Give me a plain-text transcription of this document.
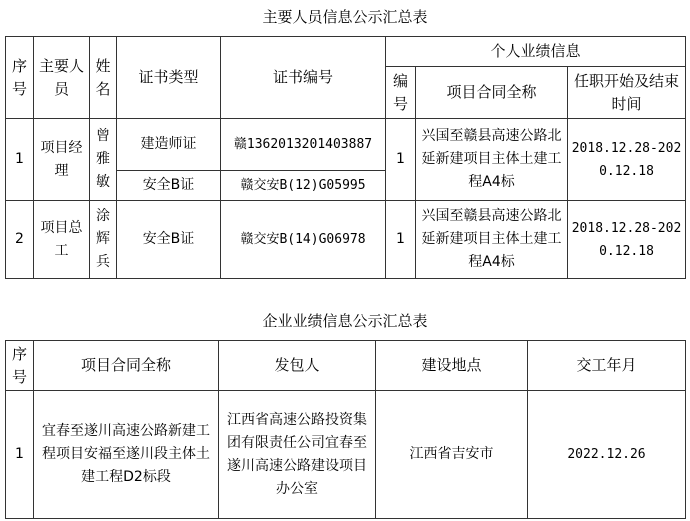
主要人员信息公示汇总表
序号	主要人员	姓名	证书类型	证书编号	个人业绩信息		
					编号	项目合同全称	任职开始及结束时间
1	项目经理	曾雅敏	建造师证	赣1362013201403887	1	兴国至赣县高速公路北延新建项目主体土建工程A4标	2018.12.28-2020.12.18
			安全B证	赣交安B(12)G05995			
2	项目总工	涂辉兵	安全B证	赣交安B(14)G06978	1	兴国至赣县高速公路北延新建项目主体土建工程A4标	2018.12.28-2020.12.18
企业业绩信息公示汇总表
序号	项目合同全称	发包人	建设地点	交工年月
1	宜春至遂川高速公路新建工程项目安福至遂川段主体土建工程D2标段	江西省高速公路投资集团有限责任公司宜春至遂川高速公路建设项目办公室	江西省吉安市	2022.12.26
